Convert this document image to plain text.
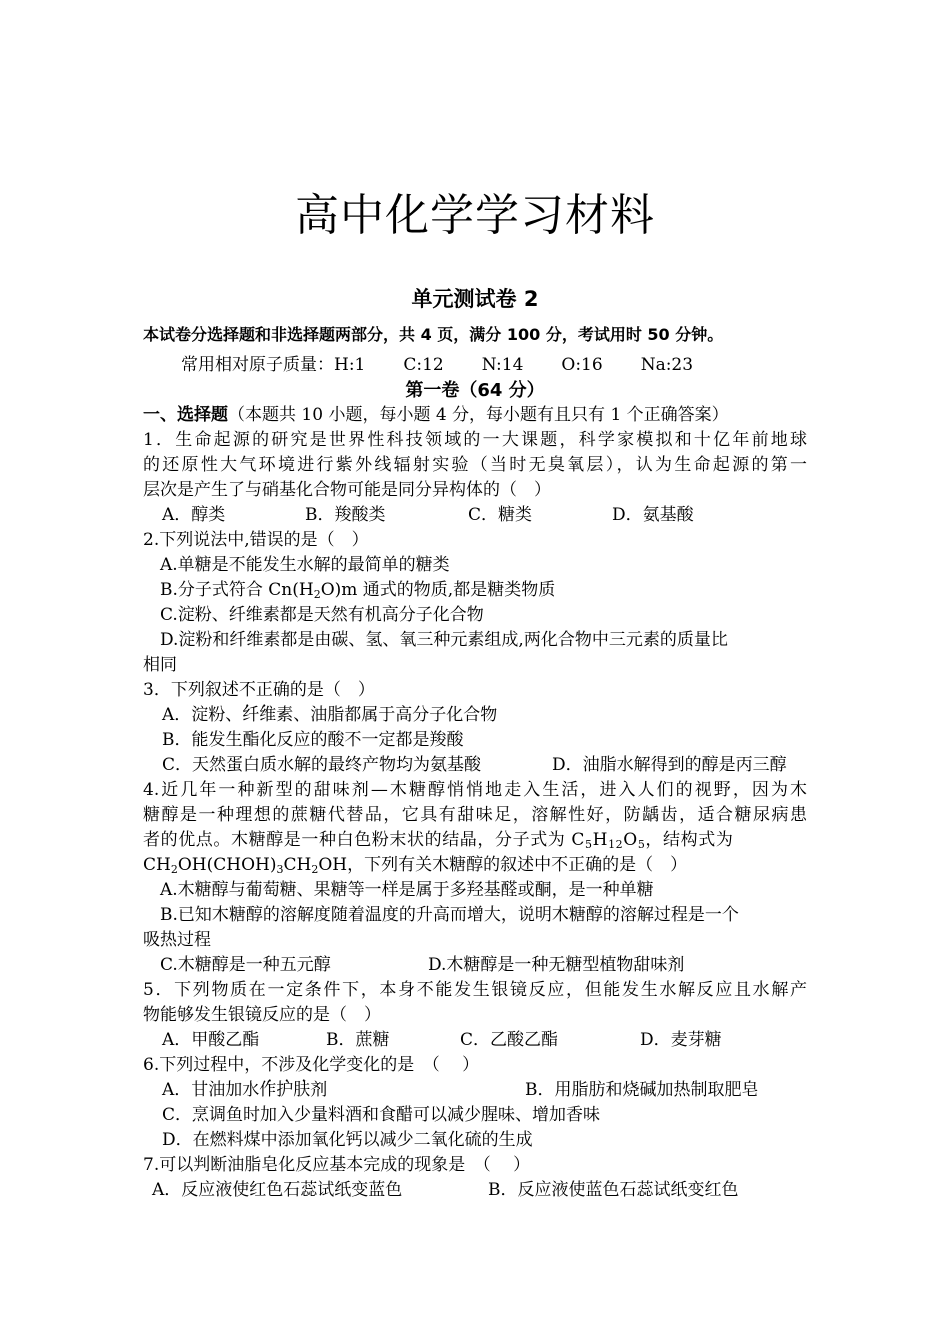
高中化学学习材料
单元测试卷 2
本试卷分选择题和非选择题两部分，共 4 页，满分 100 分，考试用时 50 分钟。
常用相对原子质量：H:1 C:12 N:14 O:16 Na:23
第一卷（64 分）
一、选择题（本题共 10 小题，每小题 4 分，每小题有且只有 1 个正确答案）
1．生命起源的研究是世界性科技领域的一大课题，科学家模拟和十亿年前地球
的还原性大气环境进行紫外线辐射实验（当时无臭氧层），认为生命起源的第一
层次是产生了与硝基化合物可能是同分异构体的（　）
A．醇类	B．羧酸类	C．糖类	D．氨基酸
2.下列说法中,错误的是（　）
A.单糖是不能发生水解的最简单的糖类
B.分子式符合 $Cn(H_2O)m$ 通式的物质,都是糖类物质
C.淀粉、纤维素都是天然有机高分子化合物
D.淀粉和纤维素都是由碳、氢、氧三种元素组成,两化合物中三元素的质量比
相同
3．下列叙述不正确的是（　）
A．淀粉、纤维素、油脂都属于高分子化合物
B．能发生酯化反应的酸不一定都是羧酸
C．天然蛋白质水解的最终产物均为氨基酸	D．油脂水解得到的醇是丙三醇
4.近几年一种新型的甜味剂—木糖醇悄悄地走入生活，进入人们的视野，因为木
糖醇是一种理想的蔗糖代替品，它具有甜味足，溶解性好，防龋齿，适合糖尿病患
者的优点。木糖醇是一种白色粉末状的结晶，分子式为 $C_5H_{12}O_5$，结构式为
$CH_2OH(CHOH)_3CH_2OH$，下列有关木糖醇的叙述中不正确的是（　）
A.木糖醇与葡萄糖、果糖等一样是属于多羟基醛或酮，是一种单糖
B.已知木糖醇的溶解度随着温度的升高而增大，说明木糖醇的溶解过程是一个
吸热过程
C.木糖醇是一种五元醇	D.木糖醇是一种无糖型植物甜味剂
5．下列物质在一定条件下，本身不能发生银镜反应，但能发生水解反应且水解产
物能够发生银镜反应的是（　）
A．甲酸乙酯	B．蔗糖	C．乙酸乙酯	D．麦芽糖
6.下列过程中，不涉及化学变化的是　（　 ）
A．甘油加水作护肤剂	B．用脂肪和烧碱加热制取肥皂
C．烹调鱼时加入少量料酒和食醋可以减少腥味、增加香味
D．在燃料煤中添加氧化钙以减少二氧化硫的生成
7.可以判断油脂皂化反应基本完成的现象是　（　 ）
A．反应液使红色石蕊试纸变蓝色	B．反应液使蓝色石蕊试纸变红色
